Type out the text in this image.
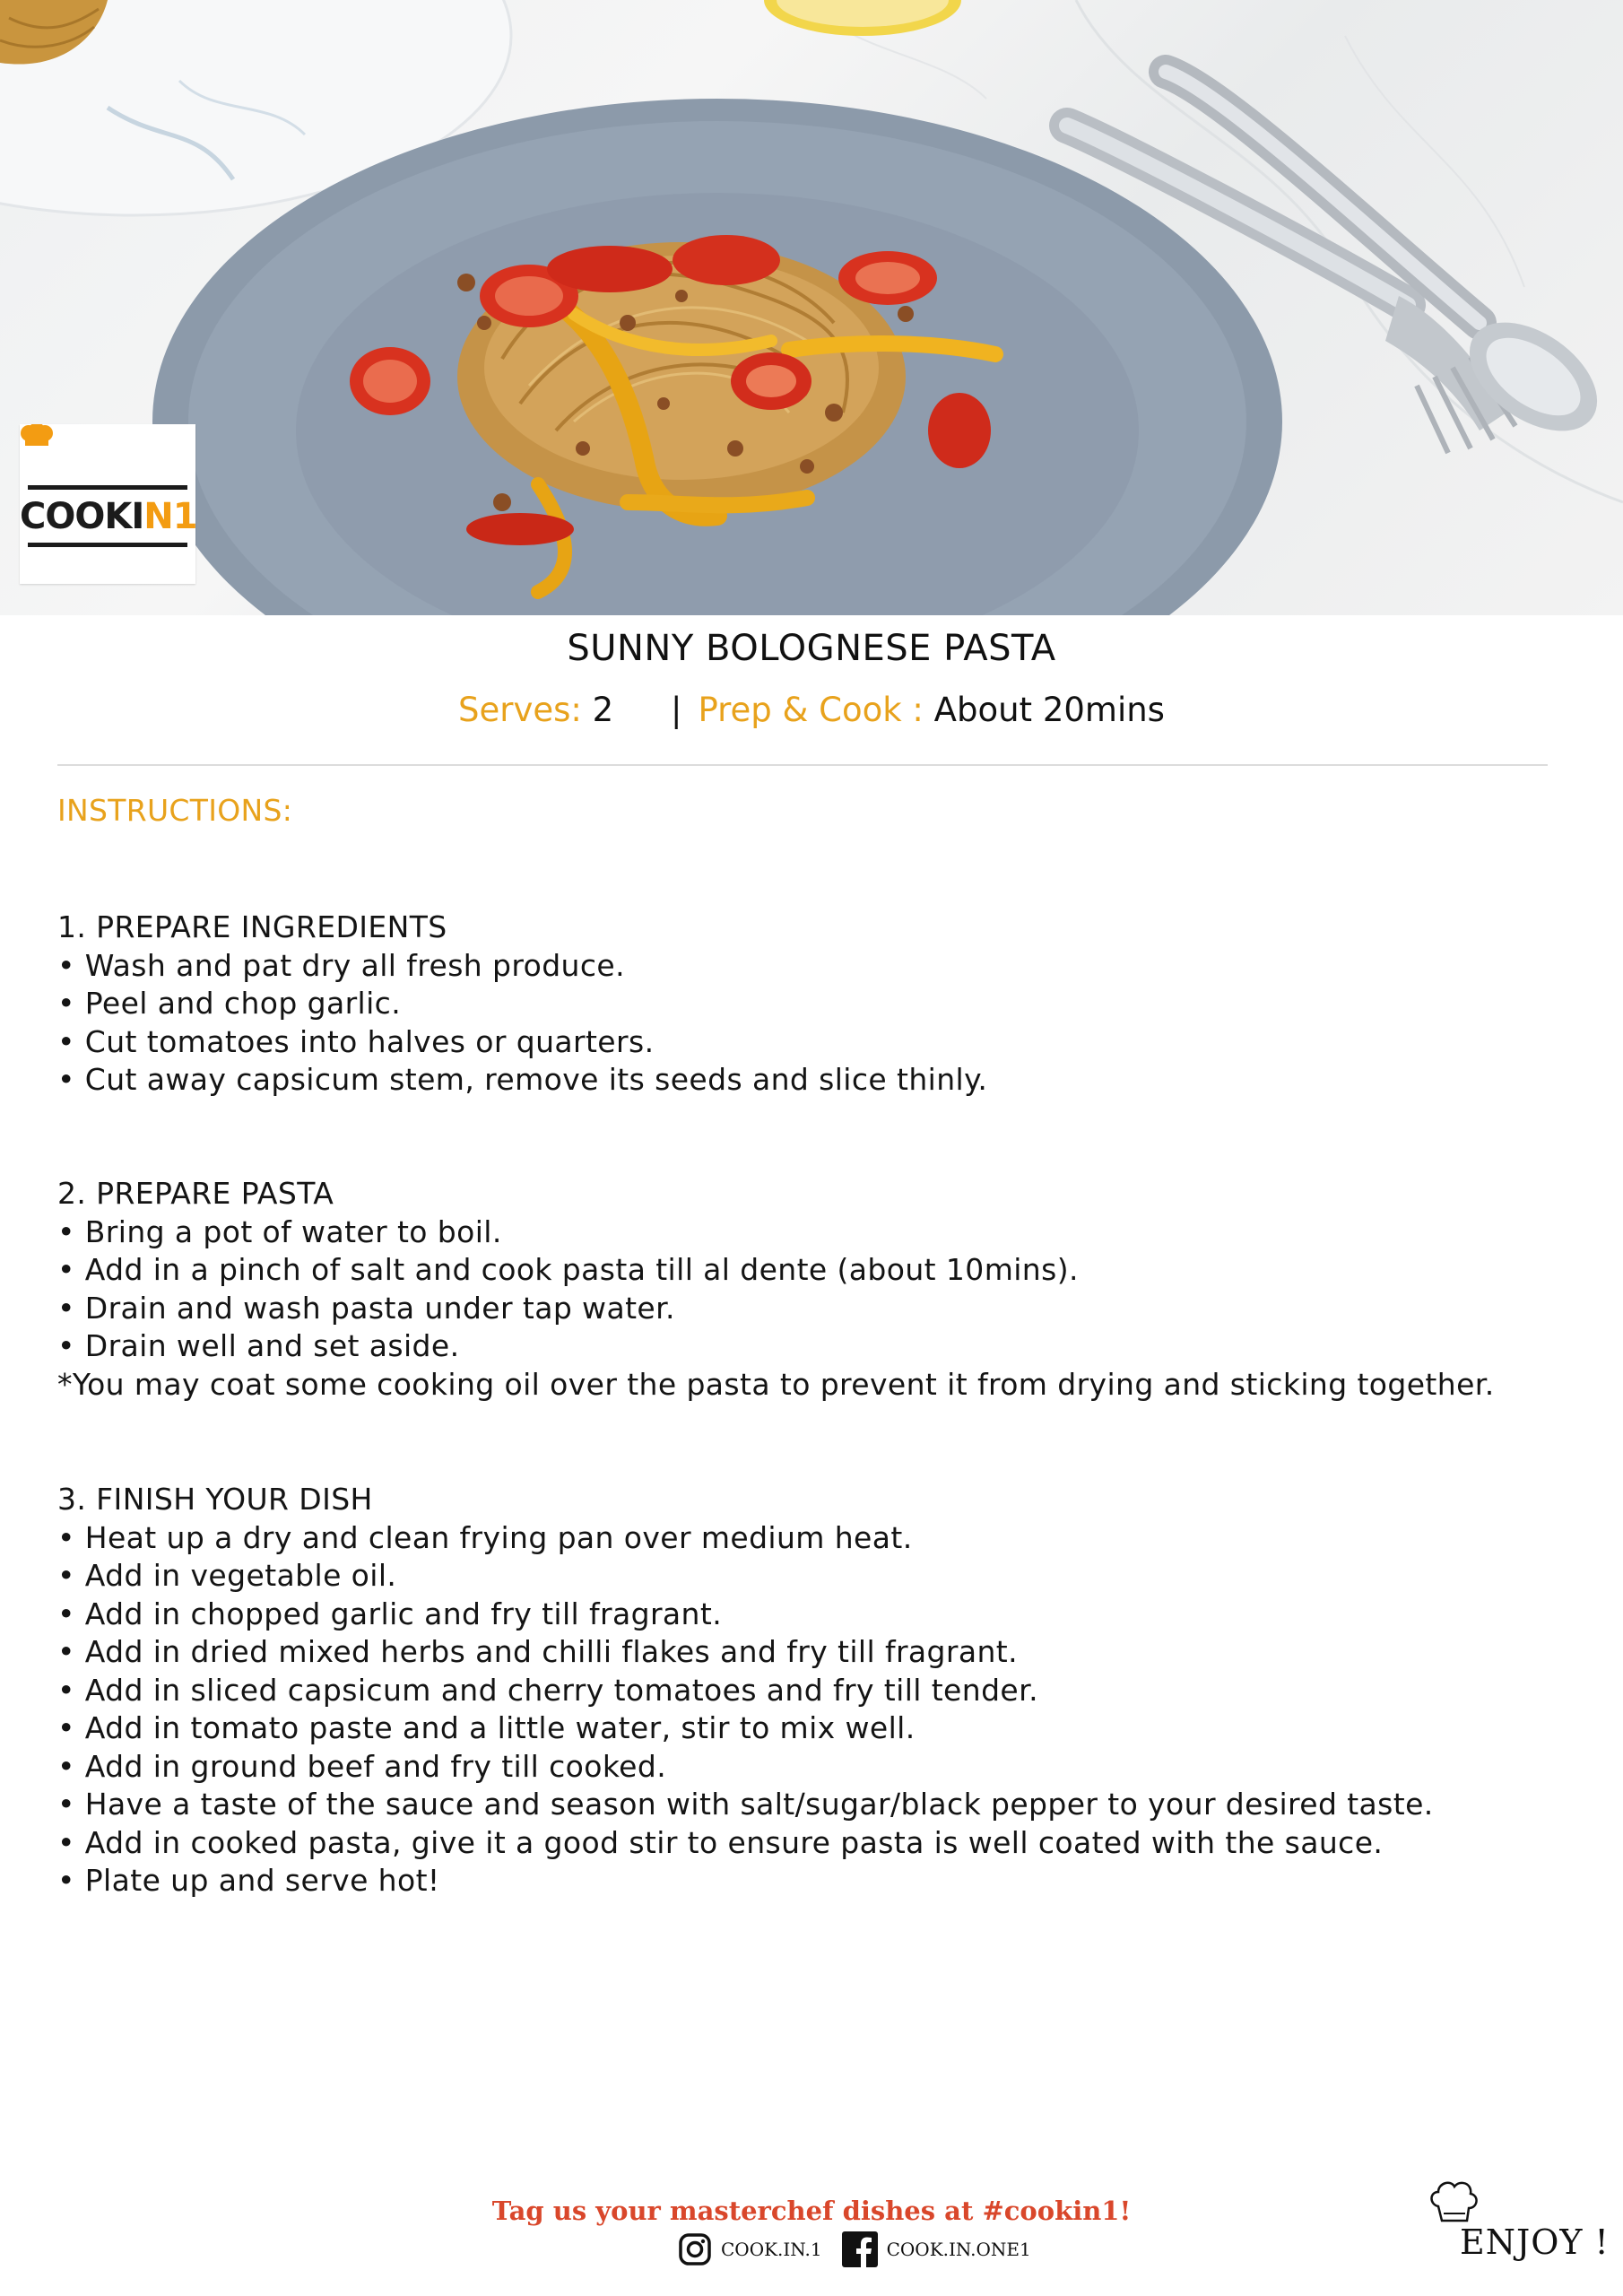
COOKIN1
SUNNY BOLOGNESE PASTA
Serves: 2 | Prep & Cook : About 20mins
INSTRUCTIONS:
1. PREPARE INGREDIENTS
• Wash and pat dry all fresh produce.
• Peel and chop garlic.
• Cut tomatoes into halves or quarters.
• Cut away capsicum stem, remove its seeds and slice thinly.
2. PREPARE PASTA
• Bring a pot of water to boil.
• Add in a pinch of salt and cook pasta till al dente (about 10mins).
• Drain and wash pasta under tap water.
• Drain well and set aside.
*You may coat some cooking oil over the pasta to prevent it from drying and sticking together.
3. FINISH YOUR DISH
• Heat up a dry and clean frying pan over medium heat.
• Add in vegetable oil.
• Add in chopped garlic and fry till fragrant.
• Add in dried mixed herbs and chilli flakes and fry till fragrant.
• Add in sliced capsicum and cherry tomatoes and fry till tender.
• Add in tomato paste and a little water, stir to mix well.
• Add in ground beef and fry till cooked.
• Have a taste of the sauce and season with salt/sugar/black pepper to your desired taste.
• Add in cooked pasta, give it a good stir to ensure pasta is well coated with the sauce.
• Plate up and serve hot!
Tag us your masterchef dishes at #cookin1!
COOK.IN.1	COOK.IN.ONE1	ENJOY !
